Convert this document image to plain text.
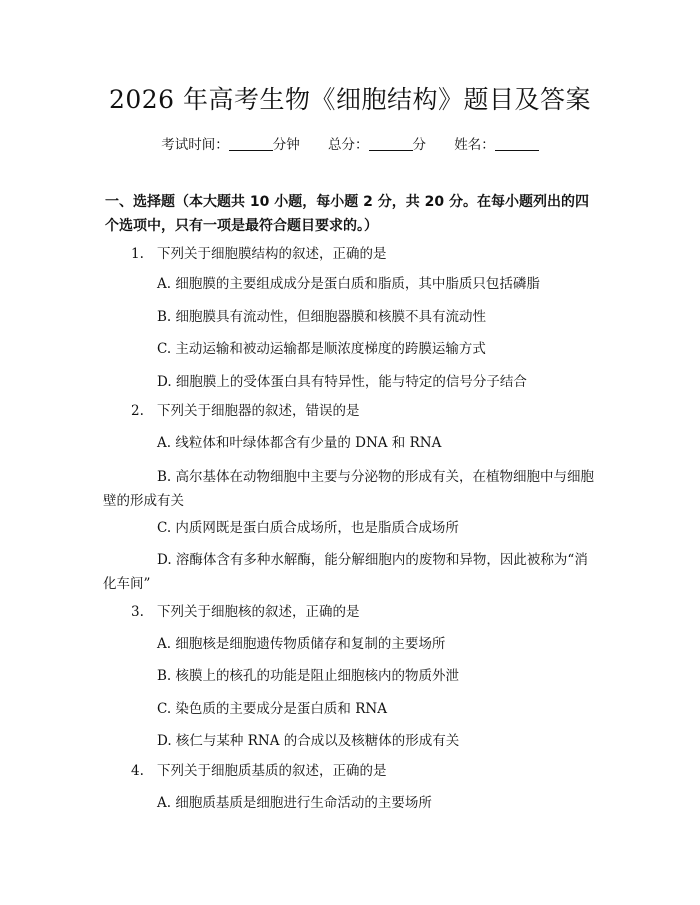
2026 年高考生物《细胞结构》题目及答案
考试时间：	分钟 总分：	分 姓名：
一、选择题（本大题共 10 小题，每小题 2 分，共 20 分。在每小题列出的四个选项中，只有一项是最符合题目要求的。）
1. 下列关于细胞膜结构的叙述，正确的是
A. 细胞膜的主要组成成分是蛋白质和脂质，其中脂质只包括磷脂
B. 细胞膜具有流动性，但细胞器膜和核膜不具有流动性
C. 主动运输和被动运输都是顺浓度梯度的跨膜运输方式
D. 细胞膜上的受体蛋白具有特异性，能与特定的信号分子结合
2. 下列关于细胞器的叙述，错误的是
A. 线粒体和叶绿体都含有少量的 DNA 和 RNA
B. 高尔基体在动物细胞中主要与分泌物的形成有关，在植物细胞中与细胞壁的形成有关
C. 内质网既是蛋白质合成场所，也是脂质合成场所
D. 溶酶体含有多种水解酶，能分解细胞内的废物和异物，因此被称为“消化车间”
3. 下列关于细胞核的叙述，正确的是
A. 细胞核是细胞遗传物质储存和复制的主要场所
B. 核膜上的核孔的功能是阻止细胞核内的物质外泄
C. 染色质的主要成分是蛋白质和 RNA
D. 核仁与某种 RNA 的合成以及核糖体的形成有关
4. 下列关于细胞质基质的叙述，正确的是
A. 细胞质基质是细胞进行生命活动的主要场所
